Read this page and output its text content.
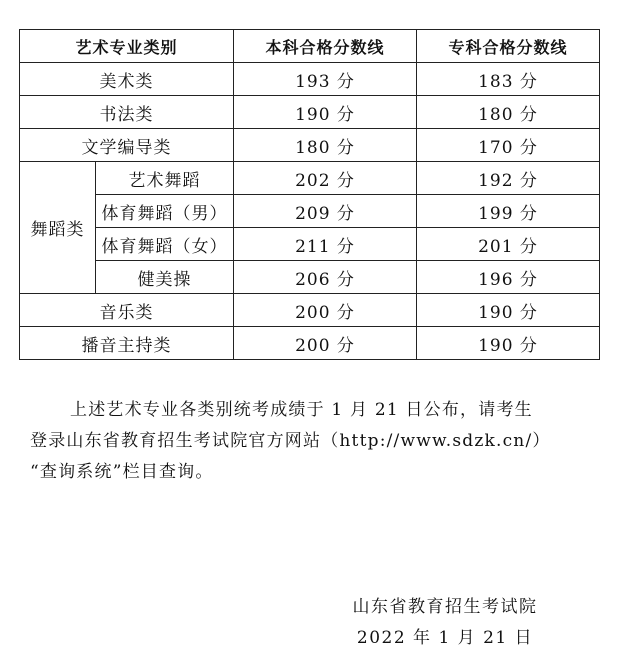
艺术专业类别		本科合格分数线	专科合格分数线
美术类		193 分	183 分
书法类		190 分	180 分
文学编导类		180 分	170 分
舞蹈类	艺术舞蹈	202 分	192 分
	体育舞蹈（男）	209 分	199 分
	体育舞蹈（女）	211 分	201 分
	健美操	206 分	196 分
音乐类		200 分	190 分
播音主持类		200 分	190 分

上述艺术专业各类别统考成绩于 1 月 21 日公布，请考生

登录山东省教育招生考试院官方网站（http://www.sdzk.cn/）

“查询系统”栏目查询。

山东省教育招生考试院
2022 年 1 月 21 日
